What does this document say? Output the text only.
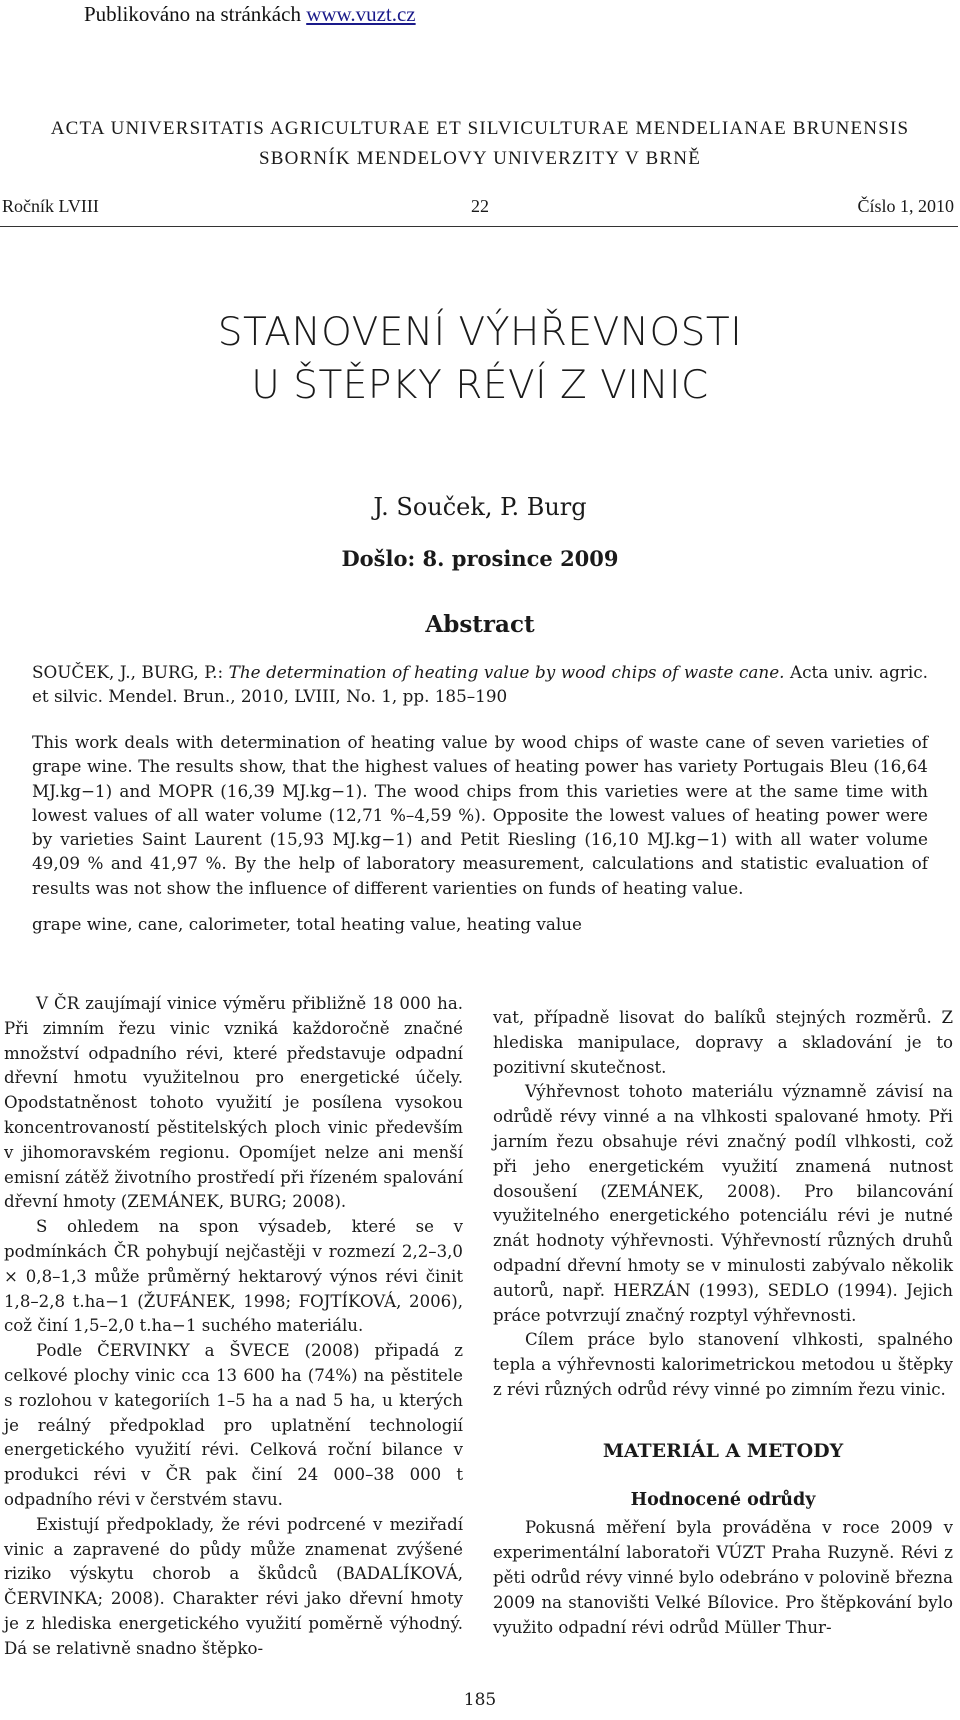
Publikováno na stránkách www.vuzt.cz
ACTA UNIVERSITATIS AGRICULTURAE ET SILVICULTURAE MENDELIANAE BRUNENSIS
SBORNÍK MENDELOVY UNIVERZITY V BRNĚ
Ročník LVIII	22	Číslo 1, 2010
STANOVENÍ VÝHŘEVNOSTI
U ŠTĚPKY RÉVÍ Z VINIC
J. Souček, P. Burg
Došlo: 8. prosince 2009
Abstract
SOUČEK, J., BURG, P.: The determination of heating value by wood chips of waste cane. Acta univ. agric. et silvic. Mendel. Brun., 2010, LVIII, No. 1, pp. 185–190
This work deals with determination of heating value by wood chips of waste cane of seven varieties of grape wine. The results show, that the highest values of heating power has variety Portugais Bleu (16,64 MJ.kg−1) and MOPR (16,39 MJ.kg−1). The wood chips from this varieties were at the same time with lowest values of all water volume (12,71 %–4,59 %). Opposite the lowest values of heating power were by varieties Saint Laurent (15,93 MJ.kg−1) and Petit Riesling (16,10 MJ.kg−1) with all water volume 49,09 % and 41,97 %. By the help of laboratory measurement, calculations and statistic evaluation of results was not show the influence of different varienties on funds of heating value.
grape wine, cane, calorimeter, total heating value, heating value

V ČR zaujímají vinice výměru přibližně 18 000 ha. Při zimním řezu vinic vzniká každoročně značné množství odpadního révi, které představuje odpadní dřevní hmotu využitelnou pro energetické účely. Opodstatněnost tohoto využití je posílena vysokou koncentrovaností pěstitelských ploch vinic především v jihomoravském regionu. Opomíjet nelze ani menší emisní zátěž životního prostředí při řízeném spalování dřevní hmoty (ZEMÁNEK, BURG; 2008).

S ohledem na spon výsadeb, které se v podmínkách ČR pohybují nejčastěji v rozmezí 2,2–3,0 × 0,8–1,3 může průměrný hektarový výnos révi činit 1,8–2,8 t.ha−1 (ŽUFÁNEK, 1998; FOJTÍKOVÁ, 2006), což činí 1,5–2,0 t.ha−1 suchého materiálu.

Podle ČERVINKY a ŠVECE (2008) připadá z celkové plochy vinic cca 13 600 ha (74%) na pěstitele s rozlohou v kategoriích 1–5 ha a nad 5 ha, u kterých je reálný předpoklad pro uplatnění technologií energetického využití révi. Celková roční bilance v produkci révi v ČR pak činí 24 000–38 000 t odpadního révi v čerstvém stavu.

Existují předpoklady, že révi podrcené v meziřadí vinic a zapravené do půdy může znamenat zvýšené riziko výskytu chorob a škůdců (BADALÍKOVÁ, ČERVINKA; 2008). Charakter révi jako dřevní hmoty je z hlediska energetického využití poměrně výhodný. Dá se relativně snadno štěpko-

vat, případně lisovat do balíků stejných rozměrů. Z hlediska manipulace, dopravy a skladování je to pozitivní skutečnost.

Výhřevnost tohoto materiálu významně závisí na odrůdě révy vinné a na vlhkosti spalované hmoty. Při jarním řezu obsahuje révi značný podíl vlhkosti, což při jeho energetickém využití znamená nutnost dosoušení (ZEMÁNEK, 2008). Pro bilancování využitelného energetického potenciálu révi je nutné znát hodnoty výhřevnosti. Výhřevností různých druhů odpadní dřevní hmoty se v minulosti zabývalo několik autorů, např. HERZÁN (1993), SEDLO (1994). Jejich práce potvrzují značný rozptyl výhřevnosti.

Cílem práce bylo stanovení vlhkosti, spalného tepla a výhřevnosti kalorimetrickou metodou u štěpky z révi různých odrůd révy vinné po zimním řezu vinic.

MATERIÁL A METODY
Hodnocené odrůdy

Pokusná měření byla prováděna v roce 2009 v experimentální laboratoři VÚZT Praha Ruzyně. Révi z pěti odrůd révy vinné bylo odebráno v polovině března 2009 na stanovišti Velké Bílovice. Pro štěpkování bylo využito odpadní révi odrůd Müller Thur-

185
